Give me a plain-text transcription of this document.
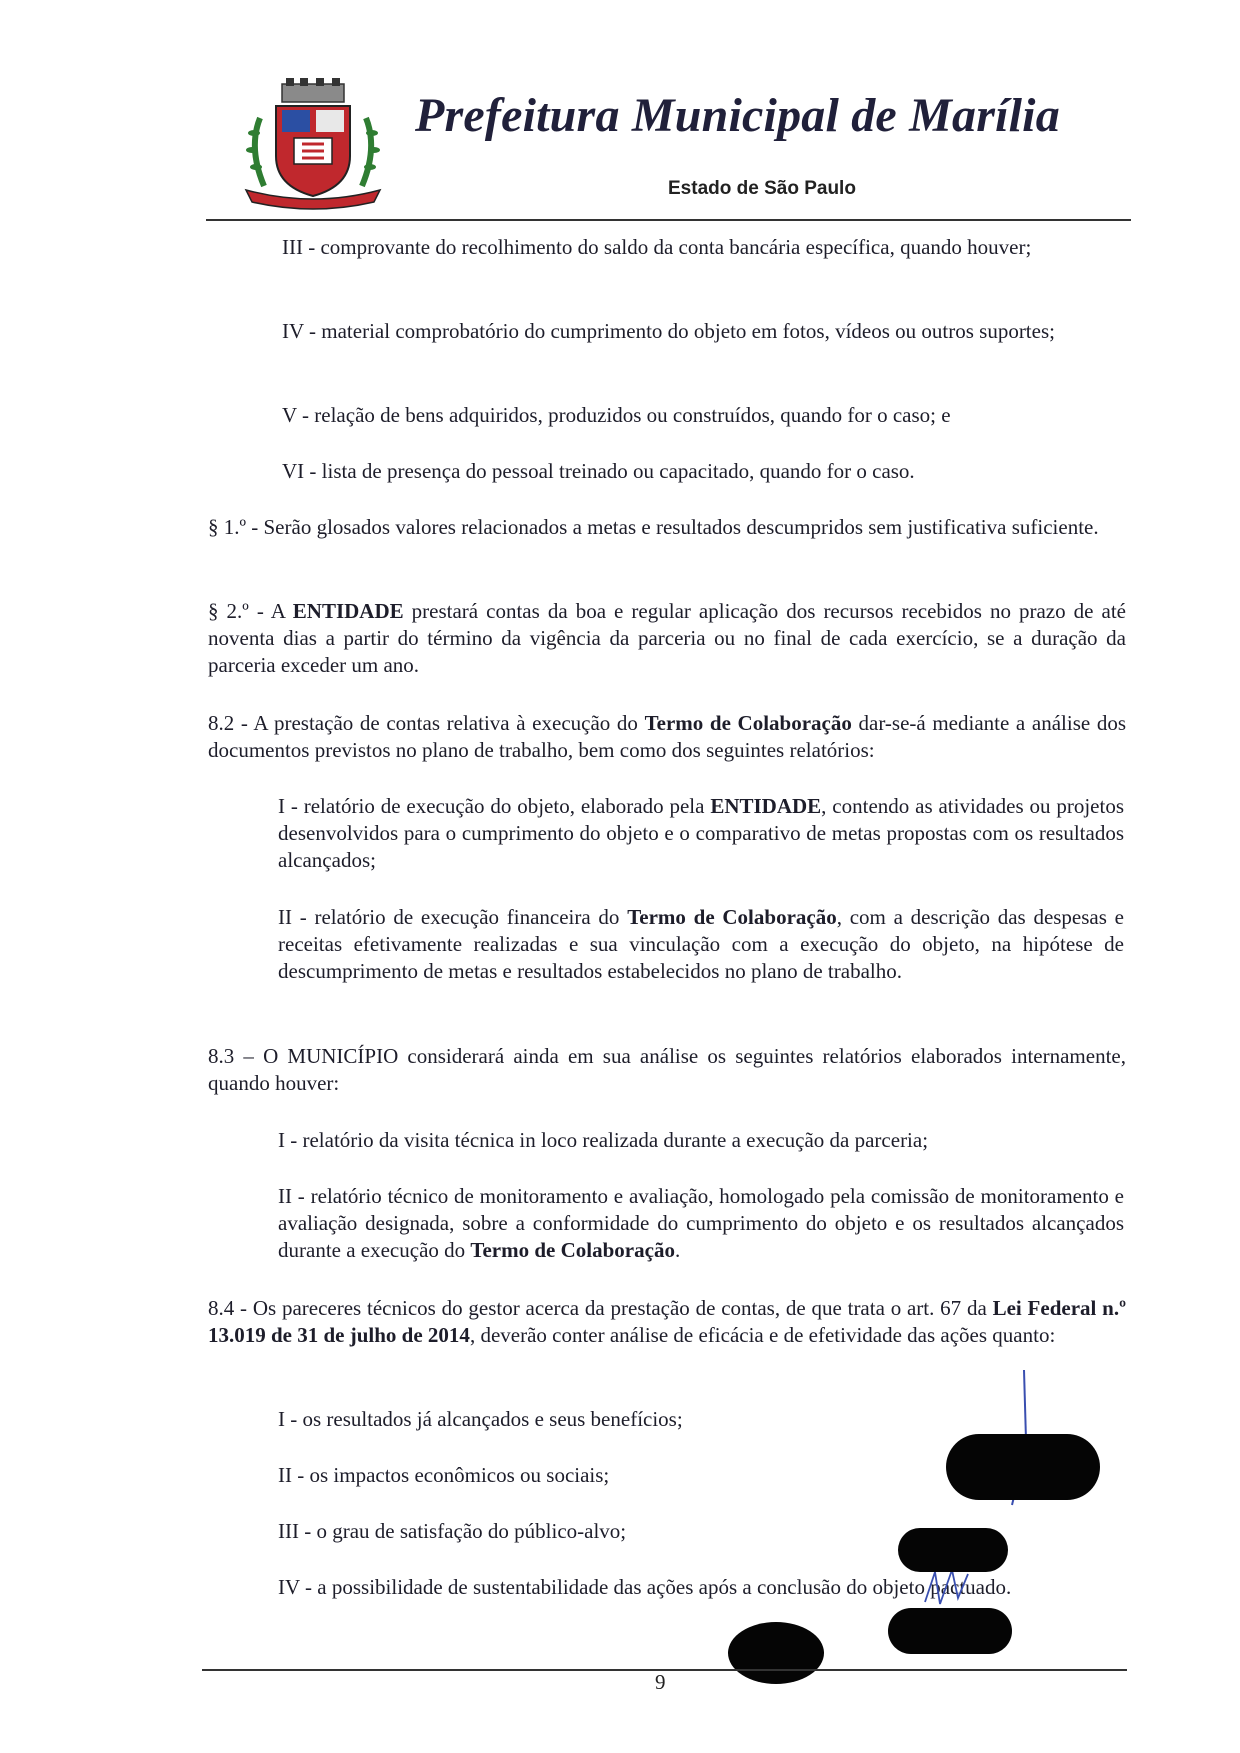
Prefeitura Municipal de Marília
Estado de São Paulo

III - comprovante do recolhimento do saldo da conta bancária específica, quando houver;

IV - material comprobatório do cumprimento do objeto em fotos, vídeos ou outros suportes;

V - relação de bens adquiridos, produzidos ou construídos, quando for o caso; e

VI - lista de presença do pessoal treinado ou capacitado, quando for o caso.

§ 1.º - Serão glosados valores relacionados a metas e resultados descumpridos sem justificativa suficiente.

§ 2.º - A ENTIDADE prestará contas da boa e regular aplicação dos recursos recebidos no prazo de até noventa dias a partir do término da vigência da parceria ou no final de cada exercício, se a duração da parceria exceder um ano.

8.2 - A prestação de contas relativa à execução do Termo de Colaboração dar-se-á mediante a análise dos documentos previstos no plano de trabalho, bem como dos seguintes relatórios:

I - relatório de execução do objeto, elaborado pela ENTIDADE, contendo as atividades ou projetos desenvolvidos para o cumprimento do objeto e o comparativo de metas propostas com os resultados alcançados;

II - relatório de execução financeira do Termo de Colaboração, com a descrição das despesas e receitas efetivamente realizadas e sua vinculação com a execução do objeto, na hipótese de descumprimento de metas e resultados estabelecidos no plano de trabalho.

8.3 – O MUNICÍPIO considerará ainda em sua análise os seguintes relatórios elaborados internamente, quando houver:

I - relatório da visita técnica in loco realizada durante a execução da parceria;

II - relatório técnico de monitoramento e avaliação, homologado pela comissão de monitoramento e avaliação designada, sobre a conformidade do cumprimento do objeto e os resultados alcançados durante a execução do Termo de Colaboração.

8.4 - Os pareceres técnicos do gestor acerca da prestação de contas, de que trata o art. 67 da Lei Federal n.º 13.019 de 31 de julho de 2014, deverão conter análise de eficácia e de efetividade das ações quanto:

I - os resultados já alcançados e seus benefícios;

II - os impactos econômicos ou sociais;

III - o grau de satisfação do público-alvo;

IV - a possibilidade de sustentabilidade das ações após a conclusão do objeto pactuado.

9
